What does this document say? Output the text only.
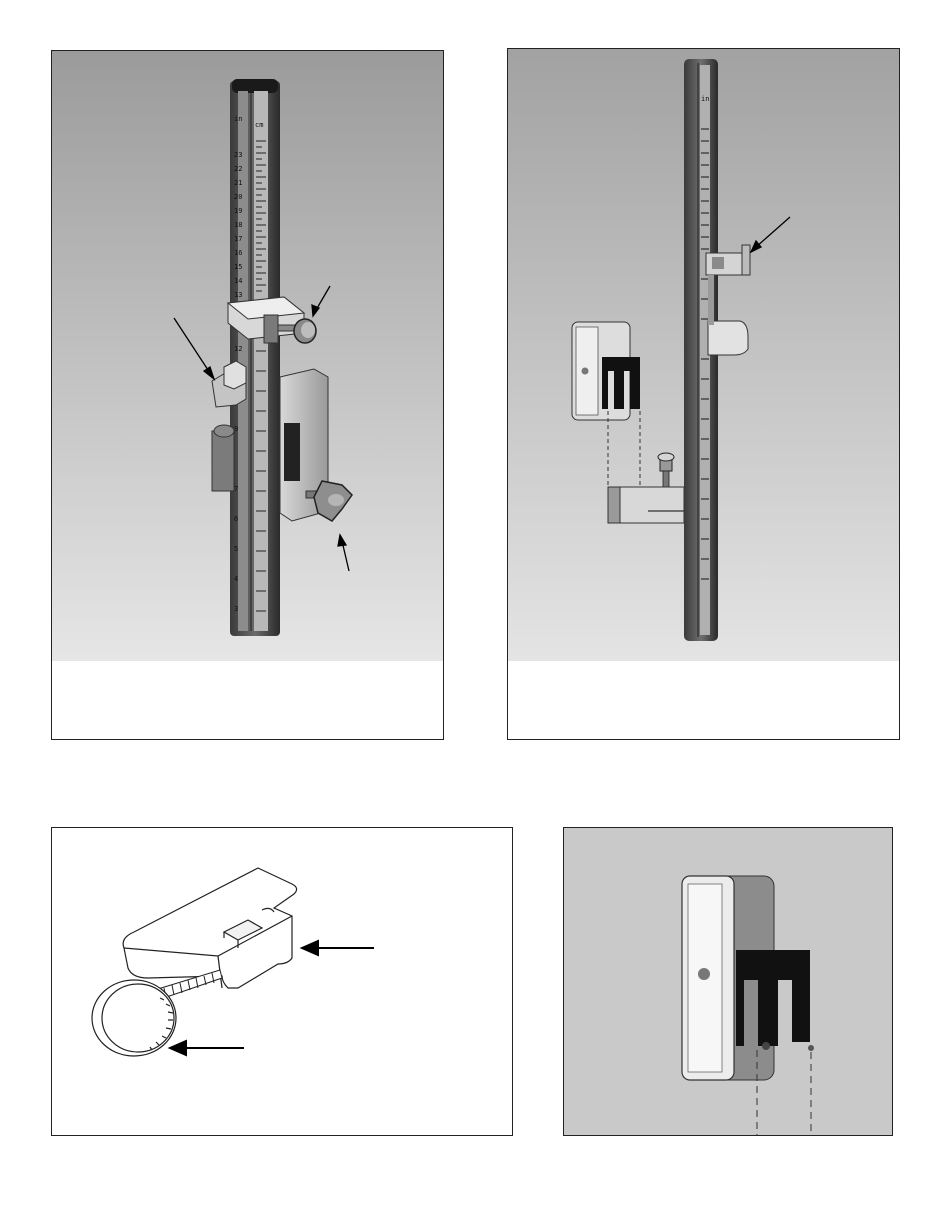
in
cm
23
22
21
20
19
18
17
16
15
14
13
12
9
7
6
5
4
3
in
